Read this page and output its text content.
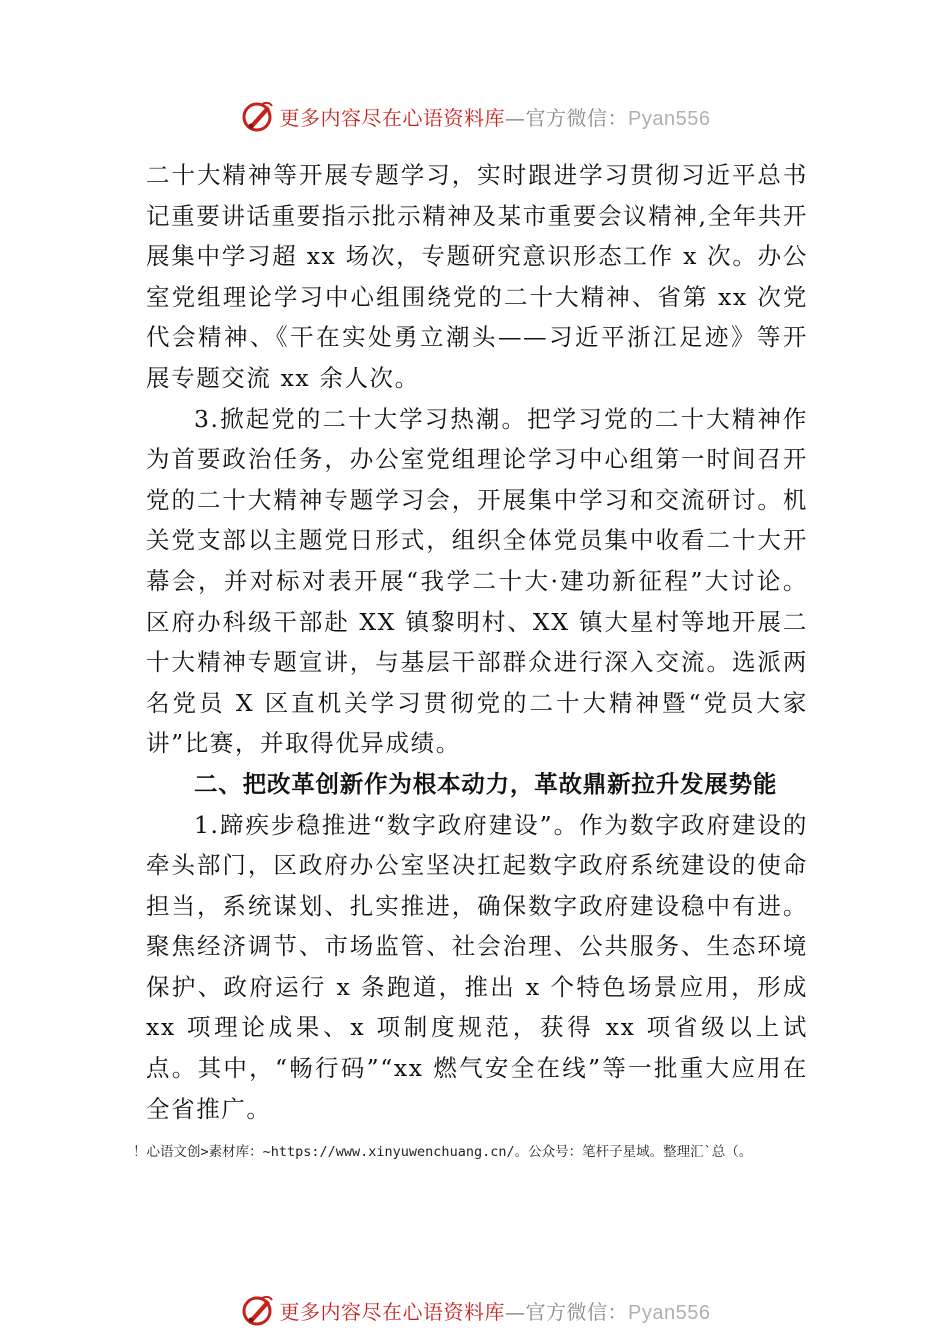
更多内容尽在心语资料库—官方微信：Pyan556

二十大精神等开展专题学习，实时跟进学习贯彻习近平总书记重要讲话重要指示批示精神及某市重要会议精神,全年共开展集中学习超 xx 场次，专题研究意识形态工作 x 次。办公室党组理论学习中心组围绕党的二十大精神、省第 xx 次党代会精神、《干在实处勇立潮头——习近平浙江足迹》等开展专题交流 xx 余人次。

3.掀起党的二十大学习热潮。把学习党的二十大精神作为首要政治任务，办公室党组理论学习中心组第一时间召开党的二十大精神专题学习会，开展集中学习和交流研讨。机关党支部以主题党日形式，组织全体党员集中收看二十大开幕会，并对标对表开展“我学二十大·建功新征程”大讨论。区府办科级干部赴 XX 镇黎明村、XX 镇大星村等地开展二十大精神专题宣讲，与基层干部群众进行深入交流。选派两名党员 X 区直机关学习贯彻党的二十大精神暨“党员大家 讲”比赛，并取得优异成绩。

二、把改革创新作为根本动力，革故鼎新拉升发展势能

1.蹄疾步稳推进“数字政府建设”。作为数字政府建设的牵头部门，区政府办公室坚决扛起数字政府系统建设的使命担当，系统谋划、扎实推进，确保数字政府建设稳中有进。 聚焦经济调节、市场监管、社会治理、公共服务、生态环境保护、政府运行 x 条跑道，推出 x 个特色场景应用，形成 xx 项理论成果、x 项制度规范，获得 xx 项省级以上试点。其中，“畅行码”“xx 燃气安全在线”等一批重大应用在全省推广。

！心语文创>素材库：~https://www.xinyuwenchuang.cn/。公众号：笔杆子星域。整理汇`总（。
更多内容尽在心语资料库—官方微信：Pyan556
